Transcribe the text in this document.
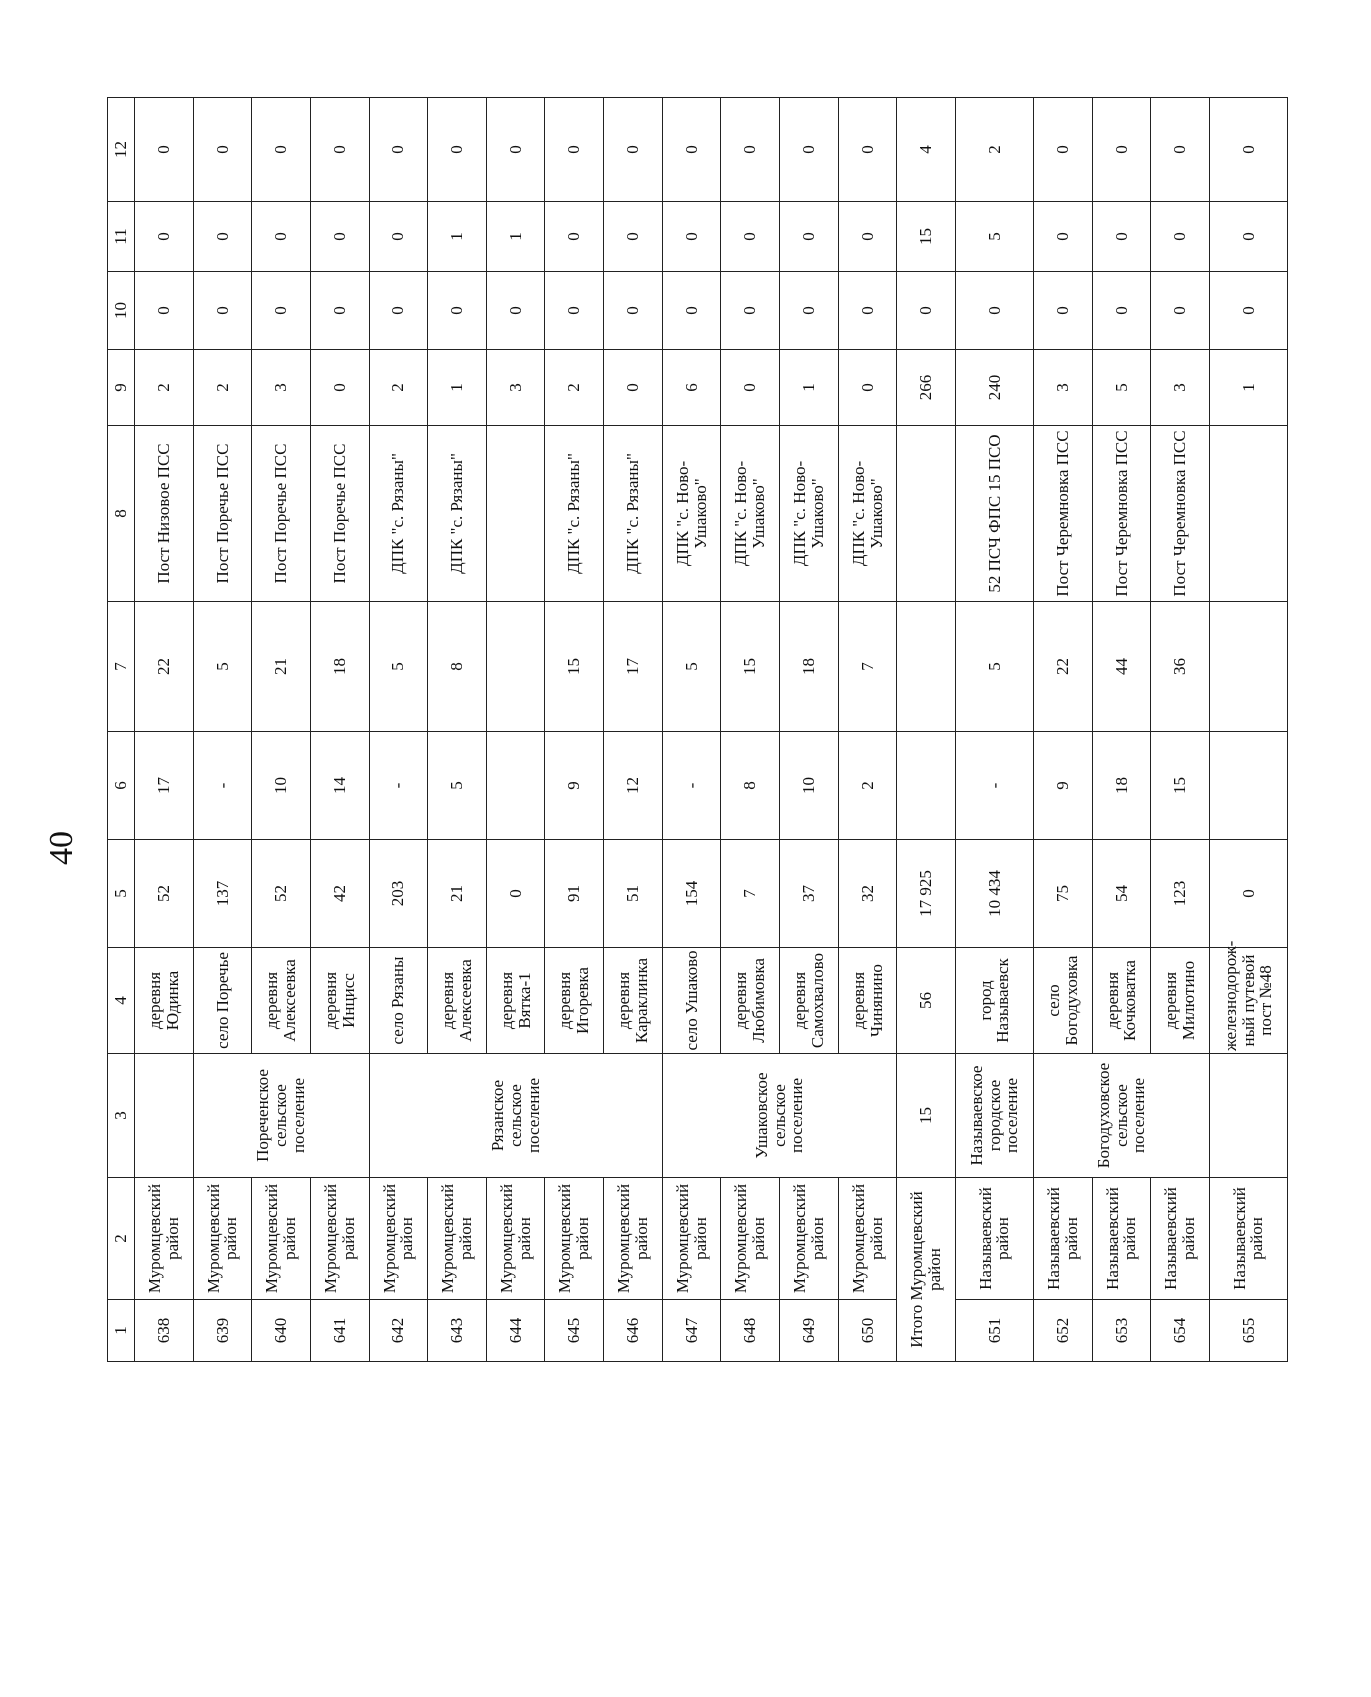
40
1	2	3	4	5	6	7	8	9	10	11	12
638	Муромцевский район		деревня Юдинка	52	17	22	Пост Низовое ПСС	2	0	0	0
639	Муромцевский район	Пореченское сельское поселение	село Поречье	137	-	5	Пост Поречье ПСС	2	0	0	0
640	Муромцевский район		деревня Алексеевка	52	10	21	Пост Поречье ПСС	3	0	0	0
641	Муромцевский район		деревня Инцисс	42	14	18	Пост Поречье ПСС	0	0	0	0
642	Муромцевский район	Рязанское сельское поселение	село Рязаны	203	-	5	ДПК "с. Рязаны"	2	0	0	0
643	Муромцевский район		деревня Алексеевка	21	5	8	ДПК "с. Рязаны"	1	0	1	0
644	Муромцевский район		деревня Вятка-1	0				3	0	1	0
645	Муромцевский район		деревня Игоревка	91	9	15	ДПК "с. Рязаны"	2	0	0	0
646	Муромцевский район		деревня Караклинка	51	12	17	ДПК "с. Рязаны"	0	0	0	0
647	Муромцевский район	Ушаковское сельское поселение	село Ушаково	154	-	5	ДПК "с. Ново-Ушаково"	6	0	0	0
648	Муромцевский район		деревня Любимовка	7	8	15	ДПК "с. Ново-Ушаково"	0	0	0	0
649	Муромцевский район		деревня Самохвалово	37	10	18	ДПК "с. Ново-Ушаково"	1	0	0	0
650	Муромцевский район		деревня Чинянино	32	2	7	ДПК "с. Ново-Ушаково"	0	0	0	0
Итого Муромцевский район		15	56	17 925				266	0	15	4
651	Называевский район	Называевское городское поселение	город Называевск	10 434	-	5	52 ПСЧ ФПС 15 ПСО	240	0	5	2
652	Называевский район	Богодуховское сельское поселение	село Богодуховка	75	9	22	Пост Черемновка ПСС	3	0	0	0
653	Называевский район		деревня Кочковатка	54	18	44	Пост Черемновка ПСС	5	0	0	0
654	Называевский район		деревня Милютино	123	15	36	Пост Черемновка ПСС	3	0	0	0
655	Называевский район		железнодорож-ный путевой пост №48	0				1	0	0	0
